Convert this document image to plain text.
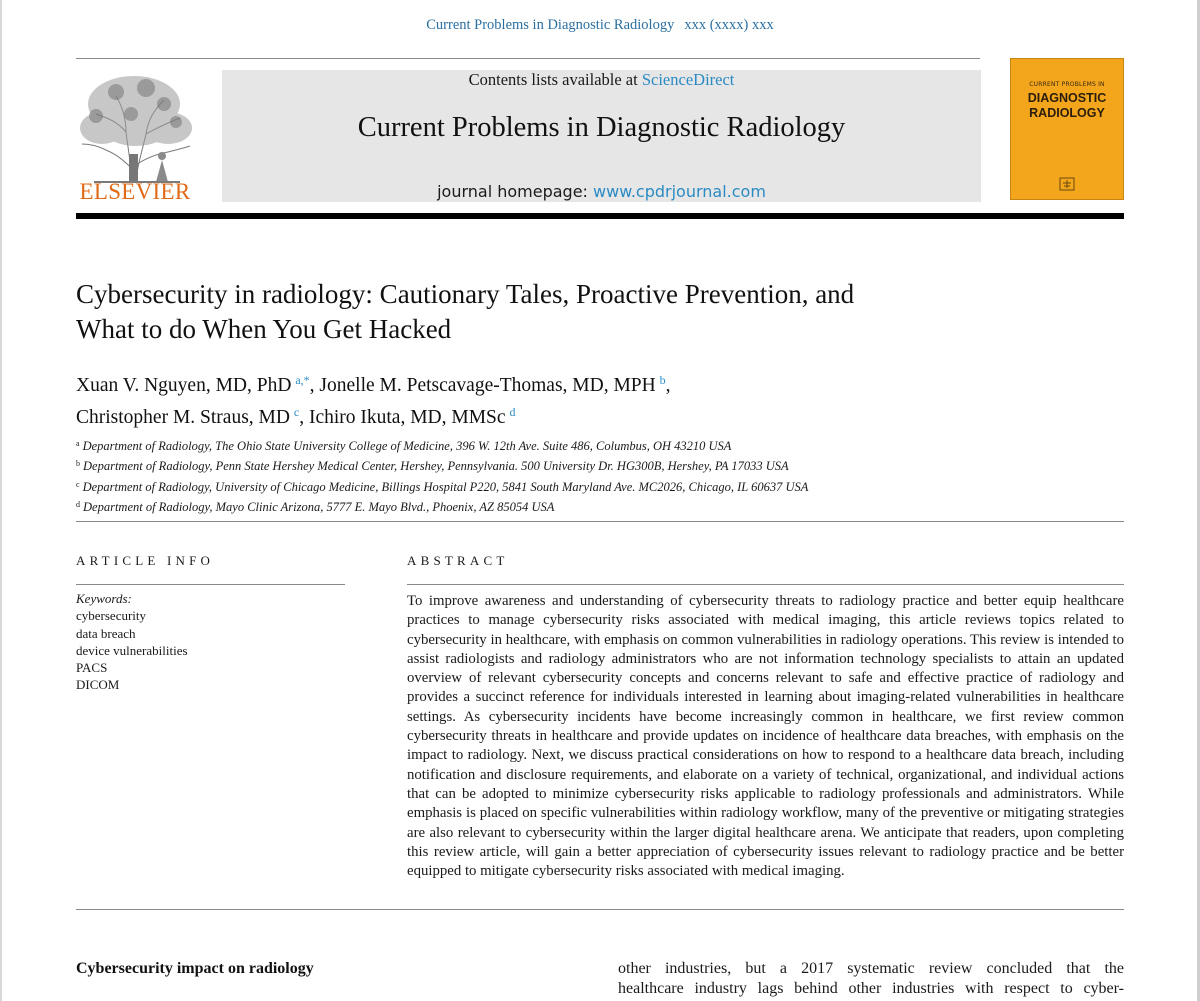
Current Problems in Diagnostic Radiology xxx (xxxx) xxx
ELSEVIER
Contents lists available at ScienceDirect
Current Problems in Diagnostic Radiology
journal homepage: www.cpdrjournal.com
CURRENT PROBLEMS IN
DIAGNOSTIC
RADIOLOGY
Cybersecurity in radiology: Cautionary Tales, Proactive Prevention, and
What to do When You Get Hacked
Xuan V. Nguyen, MD, PhD  $^{a,*}$, Jonelle M. Petscavage-Thomas, MD, MPH  $^b$,
Christopher M. Straus, MD  $^c$, Ichiro Ikuta, MD, MMSc  $^d$
$^a$ Department of Radiology, The Ohio State University College of Medicine, 396 W. 12th Ave. Suite 486, Columbus, OH 43210 USA
$^b$ Department of Radiology, Penn State Hershey Medical Center, Hershey, Pennsylvania. 500 University Dr. HG300B, Hershey, PA 17033 USA
$^c$ Department of Radiology, University of Chicago Medicine, Billings Hospital P220, 5841 South Maryland Ave. MC2026, Chicago, IL 60637 USA
$^d$ Department of Radiology, Mayo Clinic Arizona, 5777 E. Mayo Blvd., Phoenix, AZ 85054 USA
ARTICLE INFO	ABSTRACT
Keywords:
cybersecurity
data breach
device vulnerabilities
PACS
DICOM

To improve awareness and understanding of cybersecurity threats to radiology practice and better equip healthcare practices to manage cybersecurity risks associated with medical imaging, this article reviews topics related to cybersecurity in healthcare, with emphasis on common vulnerabilities in radiology operations. This review is intended to assist radiologists and radiology administrators who are not information technology specialists to attain an updated overview of relevant cybersecurity concepts and concerns relevant to safe and effective practice of radiology and provides a succinct reference for individuals interested in learning about imaging-related vulnerabilities in healthcare settings. As cybersecurity incidents have become increasingly common in healthcare, we first review common cybersecurity threats in healthcare and provide updates on incidence of healthcare data breaches, with emphasis on the impact to radiology. Next, we discuss practical considerations on how to respond to a healthcare data breach, including notification and disclosure requirements, and elaborate on a variety of technical, organizational, and individual actions that can be adopted to minimize cybersecurity risks applicable to radiology professionals and administrators. While emphasis is placed on specific vulnerabilities within radiology workflow, many of the preventive or mitigating strategies are also relevant to cybersecurity within the larger digital healthcare arena. We anticipate that readers, upon completing this review article, will gain a better appreciation of cybersecurity issues relevant to radiology practice and be better equipped to mitigate cybersecurity risks associated with medical imaging.

Cybersecurity impact on radiology	other industries, but a 2017 systematic review concluded that the
healthcare industry lags behind other industries with respect to cyber-
